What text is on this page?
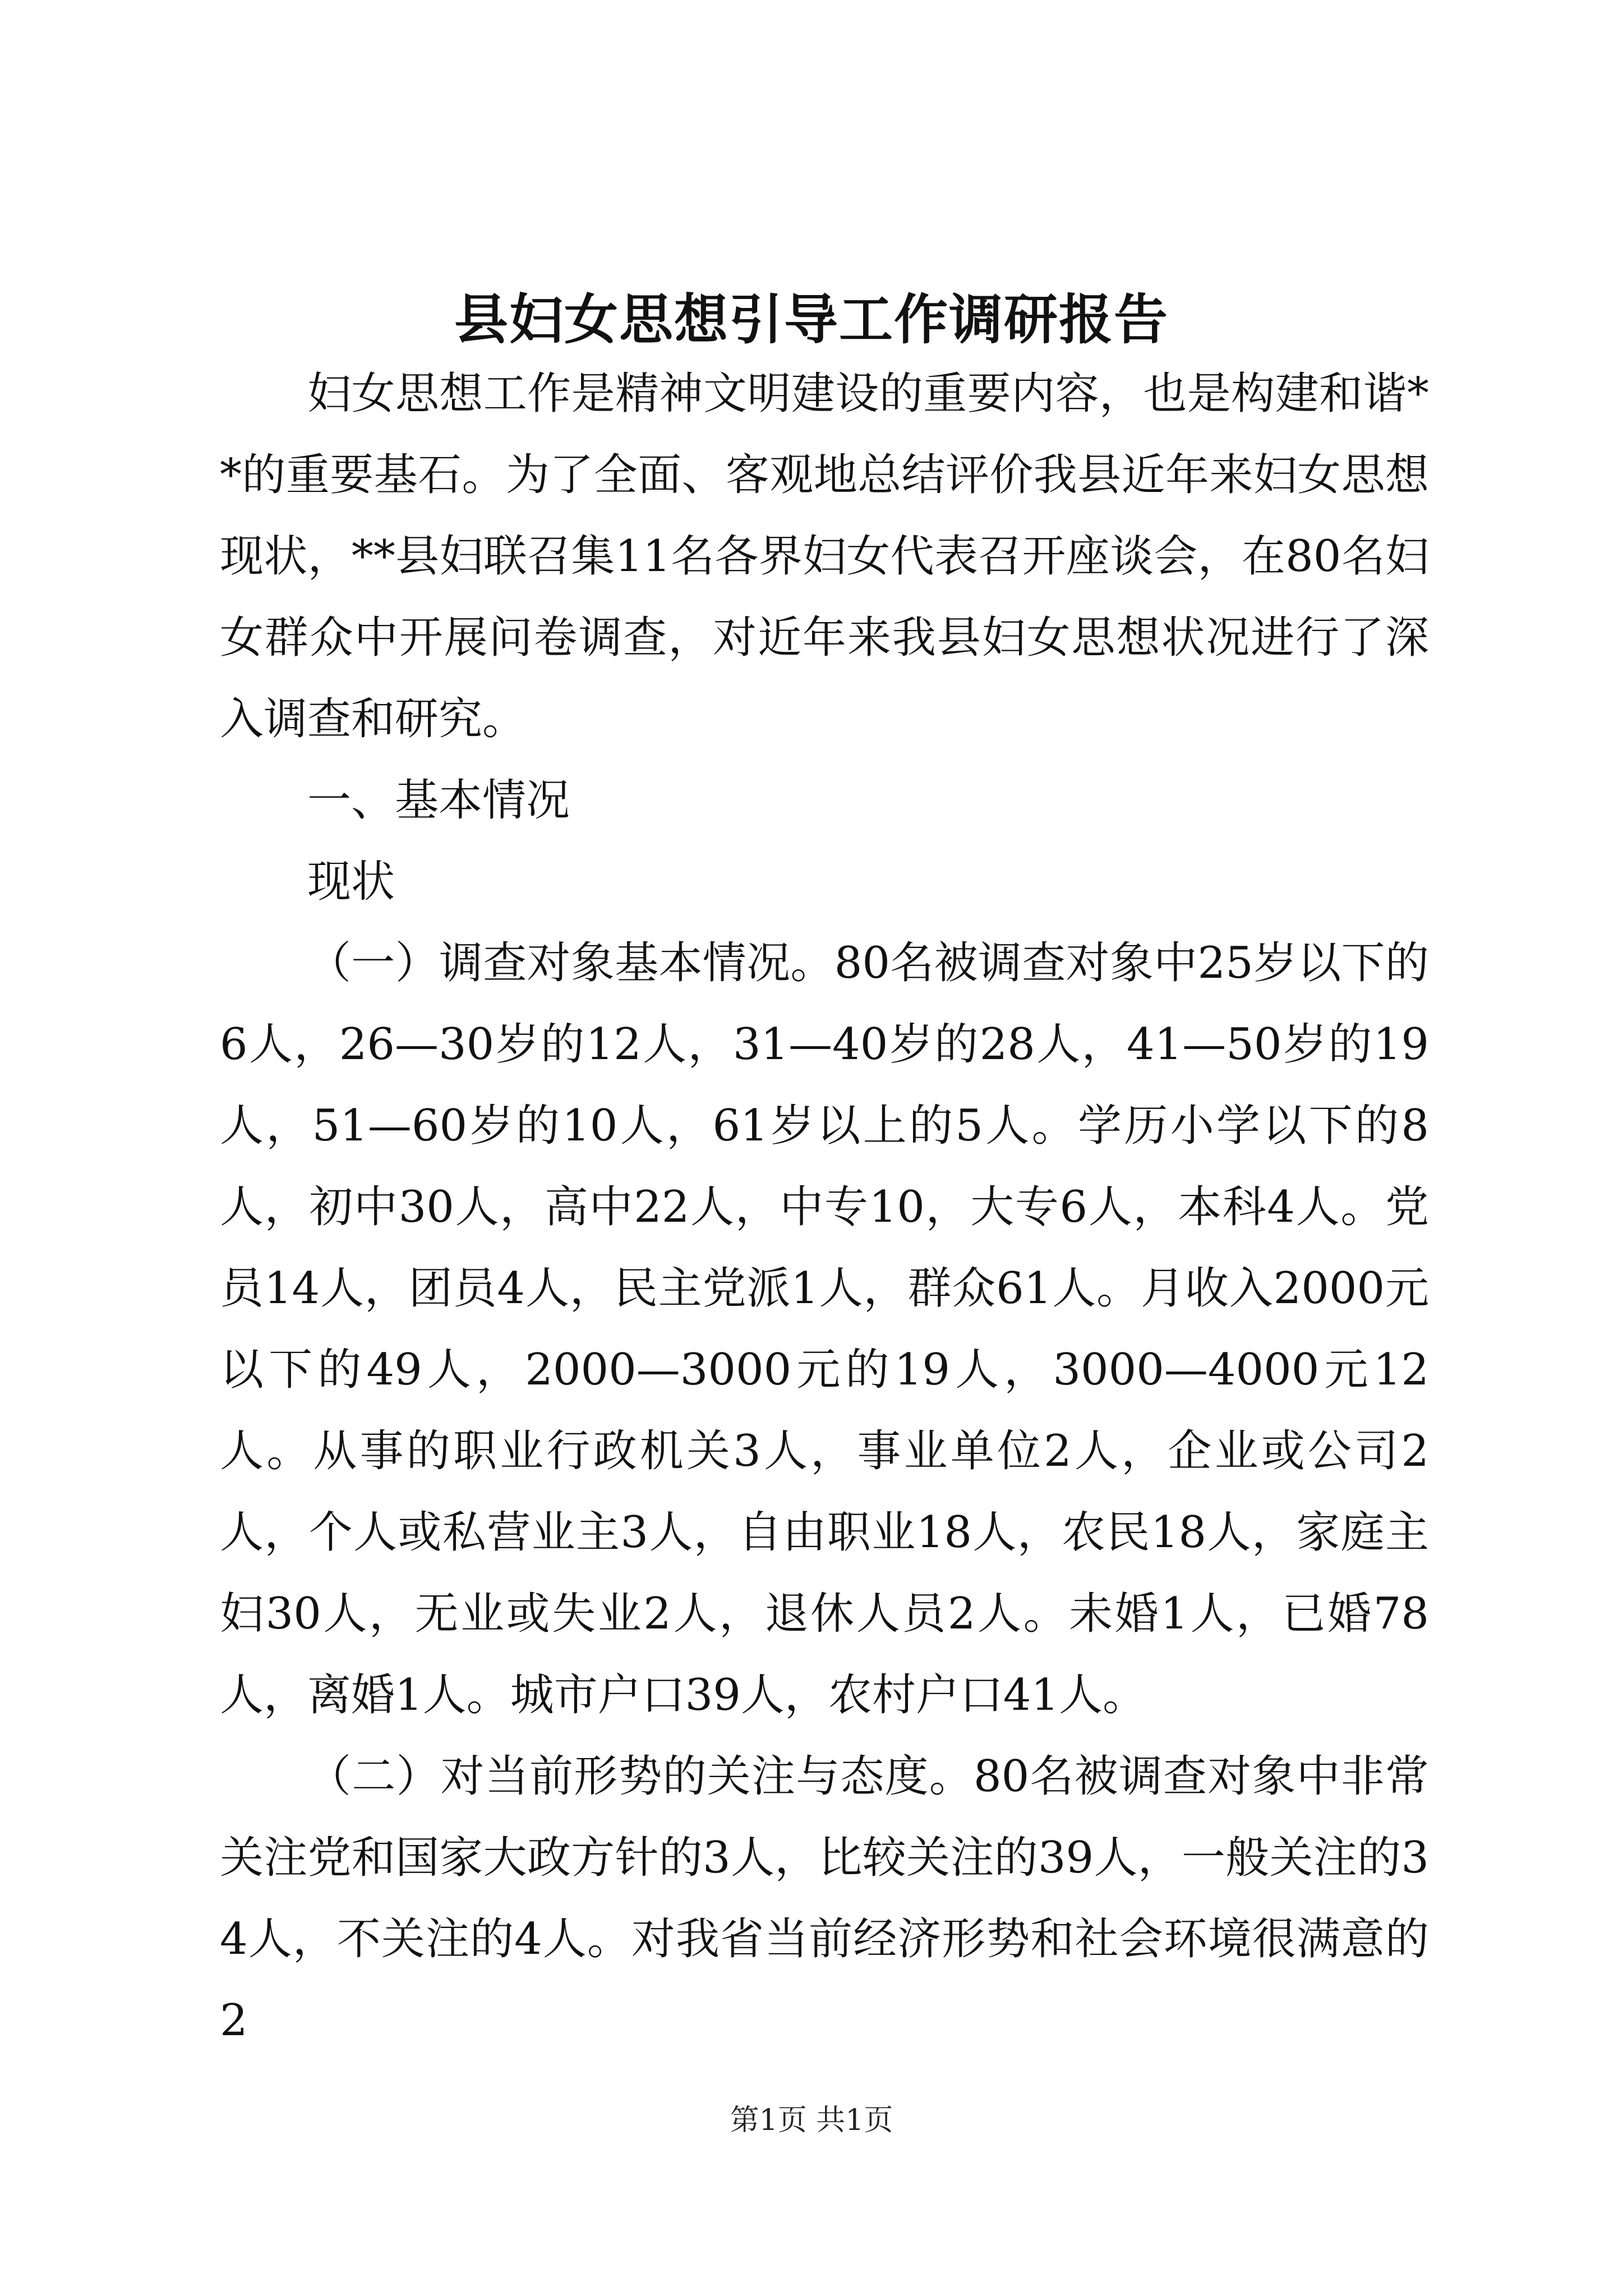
县妇女思想引导工作调研报告

妇女思想工作是精神文明建设的重要内容，也是构建和谐**的重要基石。为了全面、客观地总结评价我县近年来妇女思想现状，**县妇联召集11名各界妇女代表召开座谈会，在80名妇女群众中开展问卷调查，对近年来我县妇女思想状况进行了深入调查和研究。

一、基本情况

现状

（一）调查对象基本情况。80名被调查对象中25岁以下的6人，26—30岁的12人，31—40岁的28人，41—50岁的19人，51—60岁的10人，61岁以上的5人。学历小学以下的8人，初中30人，高中22人，中专10，大专6人，本科4人。党员14人，团员4人，民主党派1人，群众61人。月收入2000元以下的49人，2000—3000元的19人，3000—4000元12人。从事的职业行政机关3人，事业单位2人，企业或公司2人，个人或私营业主3人，自由职业18人，农民18人，家庭主妇30人，无业或失业2人，退休人员2人。未婚1人，已婚78人，离婚1人。城市户口39人，农村户口41人。

（二）对当前形势的关注与态度。80名被调查对象中非常关注党和国家大政方针的3人，比较关注的39人，一般关注的34人，不关注的4人。对我省当前经济形势和社会环境很满意的2

第1页 共1页
